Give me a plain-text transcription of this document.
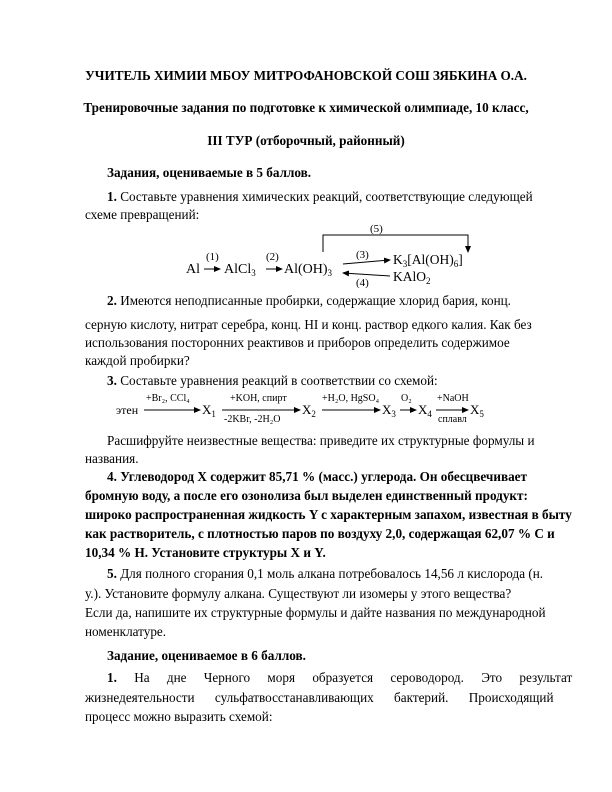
УЧИТЕЛЬ ХИМИИ МБОУ МИТРОФАНОВСКОЙ СОШ ЗЯБКИНА О.А.
Тренировочные задания по подготовке к химической олимпиаде, 10 класс,
III ТУР (отборочный, районный)
Задания, оцениваемые в 5 баллов.
1. Составьте уравнения химических реакций, соответствующие следующей
схеме превращений:
(5)
Al
(1)
AlCl$_3$
(2)
$Al(OH)_3$
(3)
(4)
$K_3[Al(OH)_6]$
KAlO$_2$
2. Имеются неподписанные пробирки, содержащие хлорид бария, конц.
серную кислоту, нитрат серебра, конц. HI и конц. раствор едкого калия. Как без
использования посторонних реактивов и приборов определить содержимое
каждой пробирки?
3. Составьте уравнения реакций в соответствии со схемой:
этен
+Br₂, CCl₄
$X_1$
+KOH, спирт
-2KBr, -2H₂O
$X_2$
+H₂O, HgSO₄
$X_3$
O₂
$X_4$
+NaOH
сплавл
$X_5$
Расшифруйте неизвестные вещества: приведите их структурные формулы и
названия.
4. Углеводород X содержит 85,71 % (масс.) углерода. Он обесцвечивает
бромную воду, а после его озонолиза был выделен единственный продукт:
широко распространенная жидкость Y с характерным запахом, известная в быту
как растворитель, с плотностью паров по воздуху 2,0, содержащая 62,07 % С и
10,34 % Н. Установите структуры X и Y.
5. Для полного сгорания 0,1 моль алкана потребовалось 14,56 л кислорода (н.
у.). Установите формулу алкана. Существуют ли изомеры у этого вещества?
Если да, напишите их структурные формулы и дайте названия по международной
номенклатуре.
Задание, оцениваемое в 6 баллов.
1. На дне Черного моря образуется сероводород. Это результат
жизнедеятельности сульфатвосстанавливающих бактерий. Происходящий
процесс можно выразить схемой:
